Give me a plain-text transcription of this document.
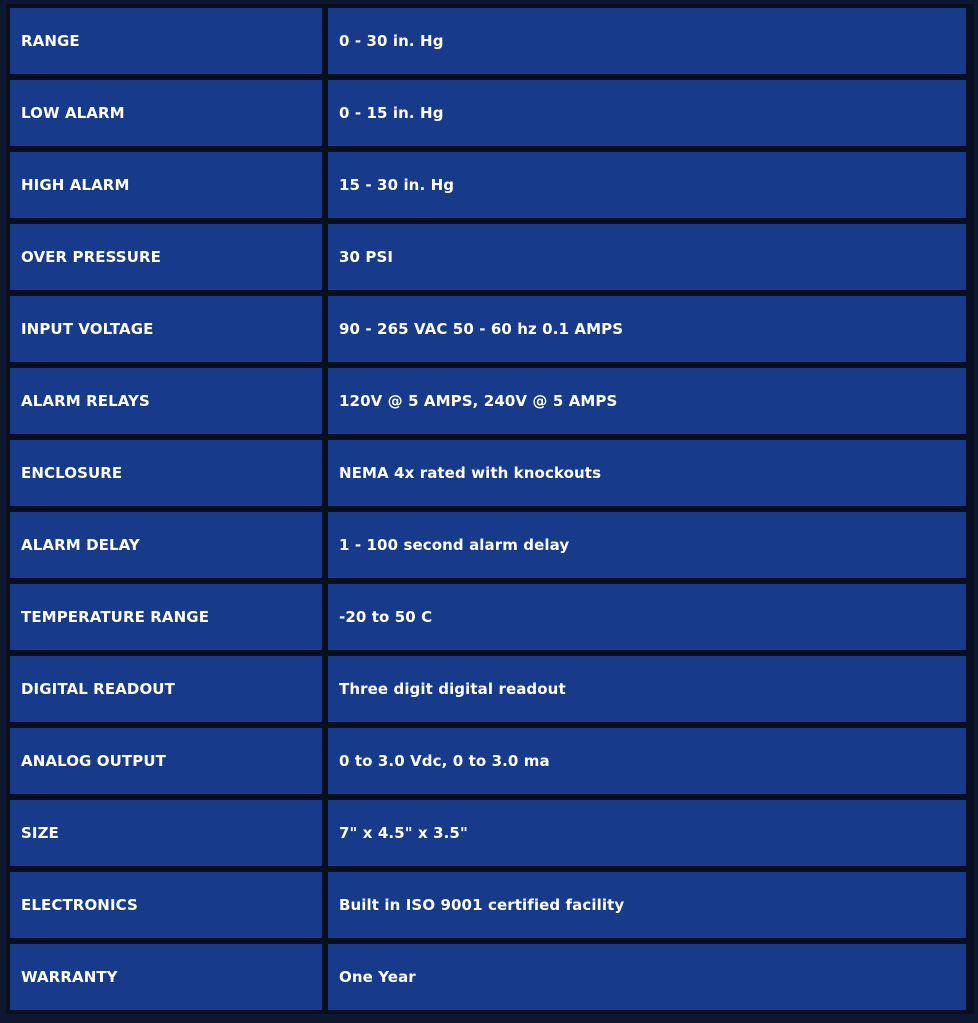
RANGE	0 - 30 in. Hg
LOW ALARM	0 - 15 in. Hg
HIGH ALARM	15 - 30 in. Hg
OVER PRESSURE	30 PSI
INPUT VOLTAGE	90 - 265 VAC 50 - 60 hz 0.1 AMPS
ALARM RELAYS	120V @ 5 AMPS, 240V @ 5 AMPS
ENCLOSURE	NEMA 4x rated with knockouts
ALARM DELAY	1 - 100 second alarm delay
TEMPERATURE RANGE	-20 to 50 C
DIGITAL READOUT	Three digit digital readout
ANALOG OUTPUT	0 to 3.0 Vdc, 0 to 3.0 ma
SIZE	7" x 4.5" x 3.5"
ELECTRONICS	Built in ISO 9001 certified facility
WARRANTY	One Year
